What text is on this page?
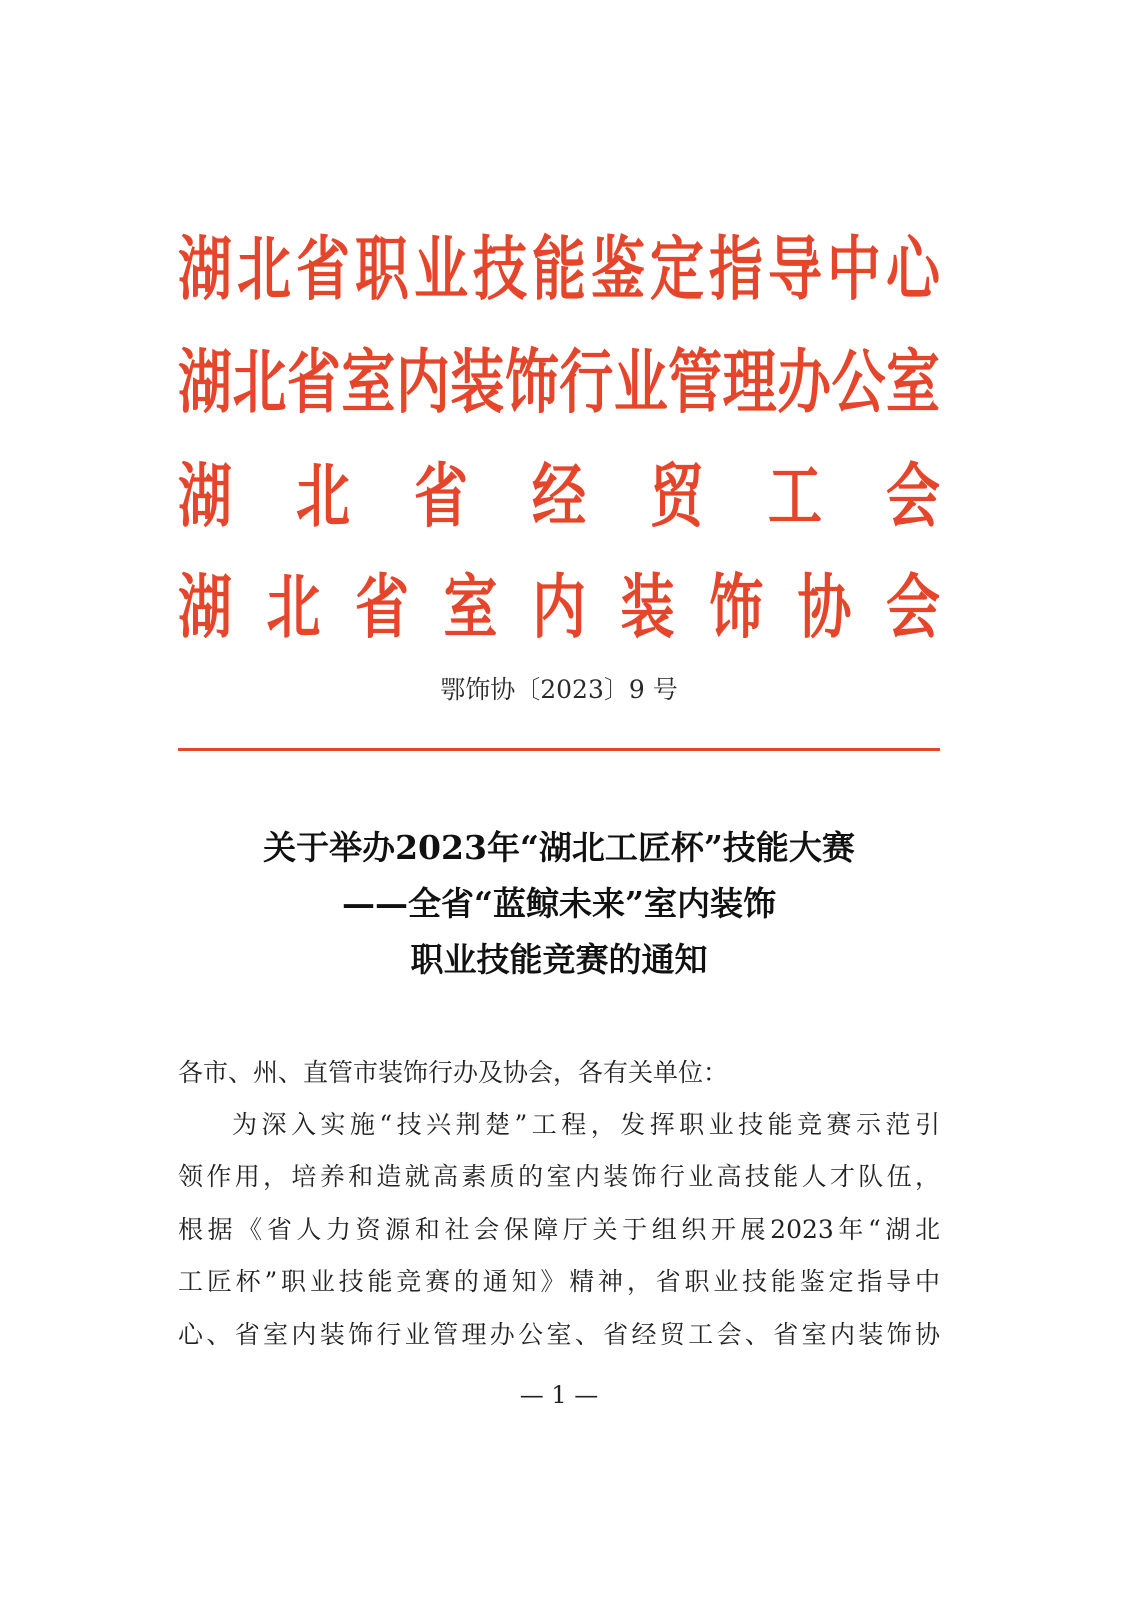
湖北省职业技能鉴定指导中心
湖北省室内装饰行业管理办公室
湖北省经贸工会
湖北省室内装饰协会
鄂饰协〔2023〕9 号
关于举办2023年“湖北工匠杯”技能大赛
——全省“蓝鲸未来”室内装饰
职业技能竞赛的通知
各市、州、直管市装饰行办及协会，各有关单位：
为深入实施“技兴荆楚”工程，发挥职业技能竞赛示范引
领作用，培养和造就高素质的室内装饰行业高技能人才队伍，
根据《省人力资源和社会保障厅关于组织开展2023年“湖北
工匠杯”职业技能竞赛的通知》精神，省职业技能鉴定指导中
心、省室内装饰行业管理办公室、省经贸工会、省室内装饰协
— 1 —
